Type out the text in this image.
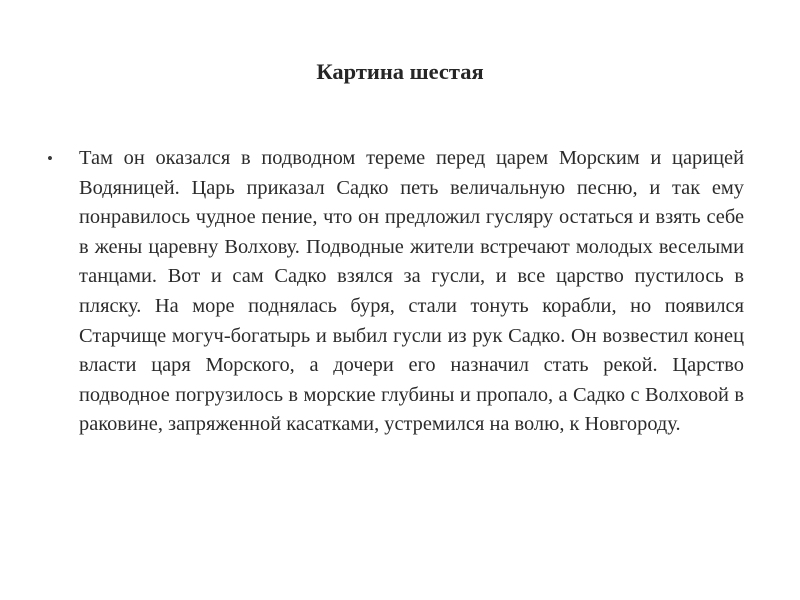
Картина шестая
• Там он оказался в подводном тереме перед царем Морским и царицей Водяницей. Царь приказал Садко петь величальную песню, и так ему понравилось чудное пение, что он предложил гусляру остаться и взять себе в жены царевну Волхову. Подводные жители встречают молодых веселыми танцами. Вот и сам Садко взялся за гусли, и все царство пустилось в пляску. На море поднялась буря, стали тонуть корабли, но появился Старчище могуч-богатырь и выбил гусли из рук Садко. Он возвестил конец власти царя Морского, а дочери его назначил стать рекой. Царство подводное погрузилось в морские глубины и пропало, а Садко с Волховой в раковине, запряженной касатками, устремился на волю, к Новгороду.
